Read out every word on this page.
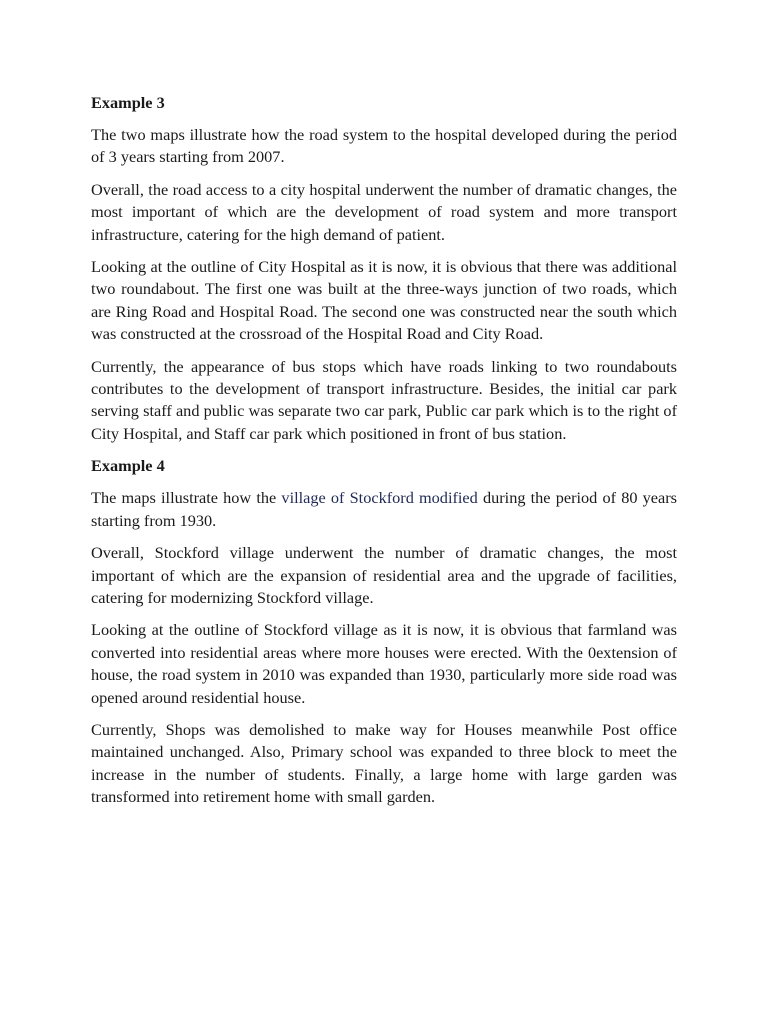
Example 3

The two maps illustrate how the road system to the hospital developed during the period of 3 years starting from 2007.

Overall, the road access to a city hospital underwent the number of dramatic changes, the most important of which are the development of road system and more transport infrastructure, catering for the high demand of patient.

Looking at the outline of City Hospital as it is now, it is obvious that there was additional two roundabout. The first one was built at the three-ways junction of two roads, which are Ring Road and Hospital Road. The second one was constructed near the south which was constructed at the crossroad of the Hospital Road and City Road.

Currently, the appearance of bus stops which have roads linking to two roundabouts contributes to the development of transport infrastructure. Besides, the initial car park serving staff and public was separate two car park, Public car park which is to the right of City Hospital, and Staff car park which positioned in front of bus station.

Example 4

The maps illustrate how the village of Stockford modified during the period of 80 years starting from 1930.

Overall, Stockford village underwent the number of dramatic changes, the most important of which are the expansion of residential area and the upgrade of facilities, catering for modernizing Stockford village.

Looking at the outline of Stockford village as it is now, it is obvious that farmland was converted into residential areas where more houses were erected. With the 0extension of house, the road system in 2010 was expanded than 1930, particularly more side road was opened around residential house.

Currently, Shops was demolished to make way for Houses meanwhile Post office maintained unchanged. Also, Primary school was expanded to three block to meet the increase in the number of students. Finally, a large home with large garden was transformed into retirement home with small garden.
